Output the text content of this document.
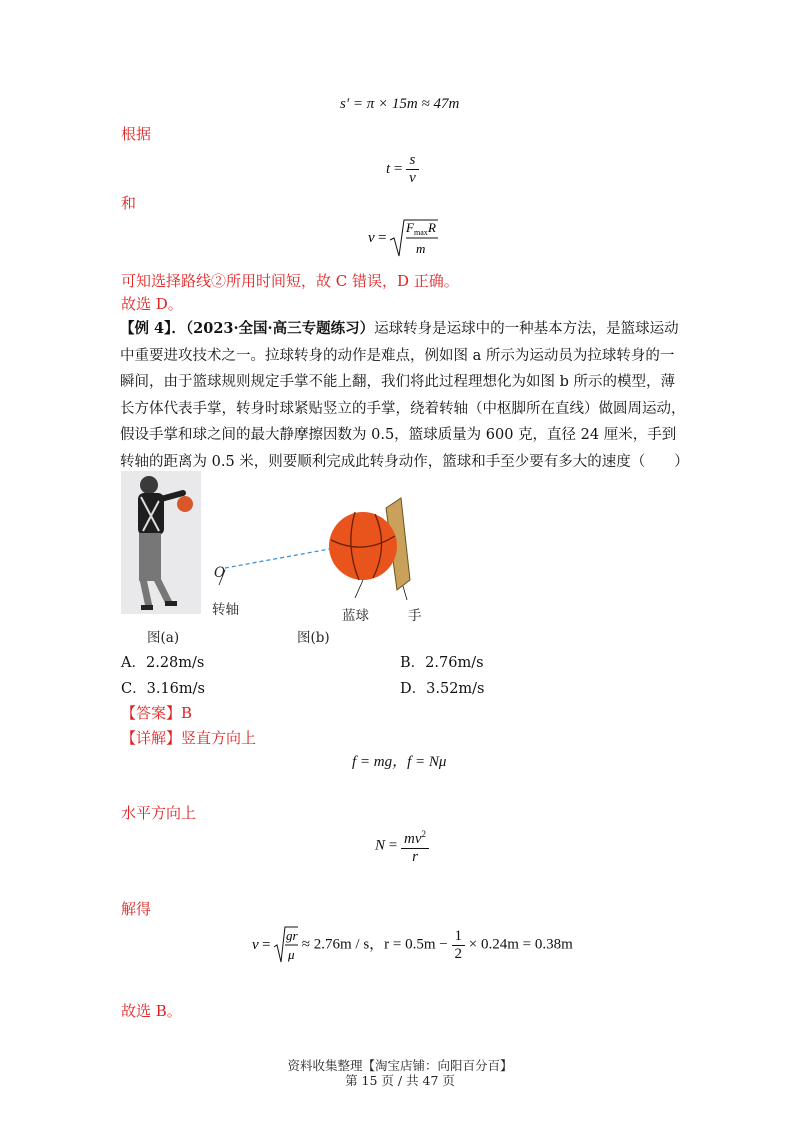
s′ = π × 15m ≈ 47m
根据
$t = \frac{s}{v}$
和
v =
F max R
m
可知选择路线②所用时间短，故 C 错误，D 正确。
故选 D。
【例 4】．（2023·全国·高三专题练习）运球转身是运球中的一种基本方法，是篮球运动中重要进攻技术之一。拉球转身的动作是难点，例如图 a 所示为运动员为拉球转身的一瞬间，由于篮球规则规定手掌不能上翻，我们将此过程理想化为如图 b 所示的模型，薄长方体代表手掌，转身时球紧贴竖立的手掌，绕着转轴（中枢脚所在直线）做圆周运动，假设手掌和球之间的最大静摩擦因数为 0.5，篮球质量为 600 克，直径 24 厘米，手到转轴的距离为 0.5 米，则要顺利完成此转身动作，篮球和手至少要有多大的速度（　　）
O
转轴	蓝球	手
图(a)	图(b)
A．2.28m/s	B．2.76m/s
C．3.16m/s	D．3.52m/s
【答案】B
【详解】竖直方向上
f = mg，f = Nμ
水平方向上
$N = \frac{mv^2}{r}$
解得
v =
gr
μ
≈ 2.76m / s，$r = 0.5m - \frac{1}{2} \times 0.24m = 0.38m$
故选 B。
资料收集整理【淘宝店铺：向阳百分百】
第 15 页 / 共 47 页
